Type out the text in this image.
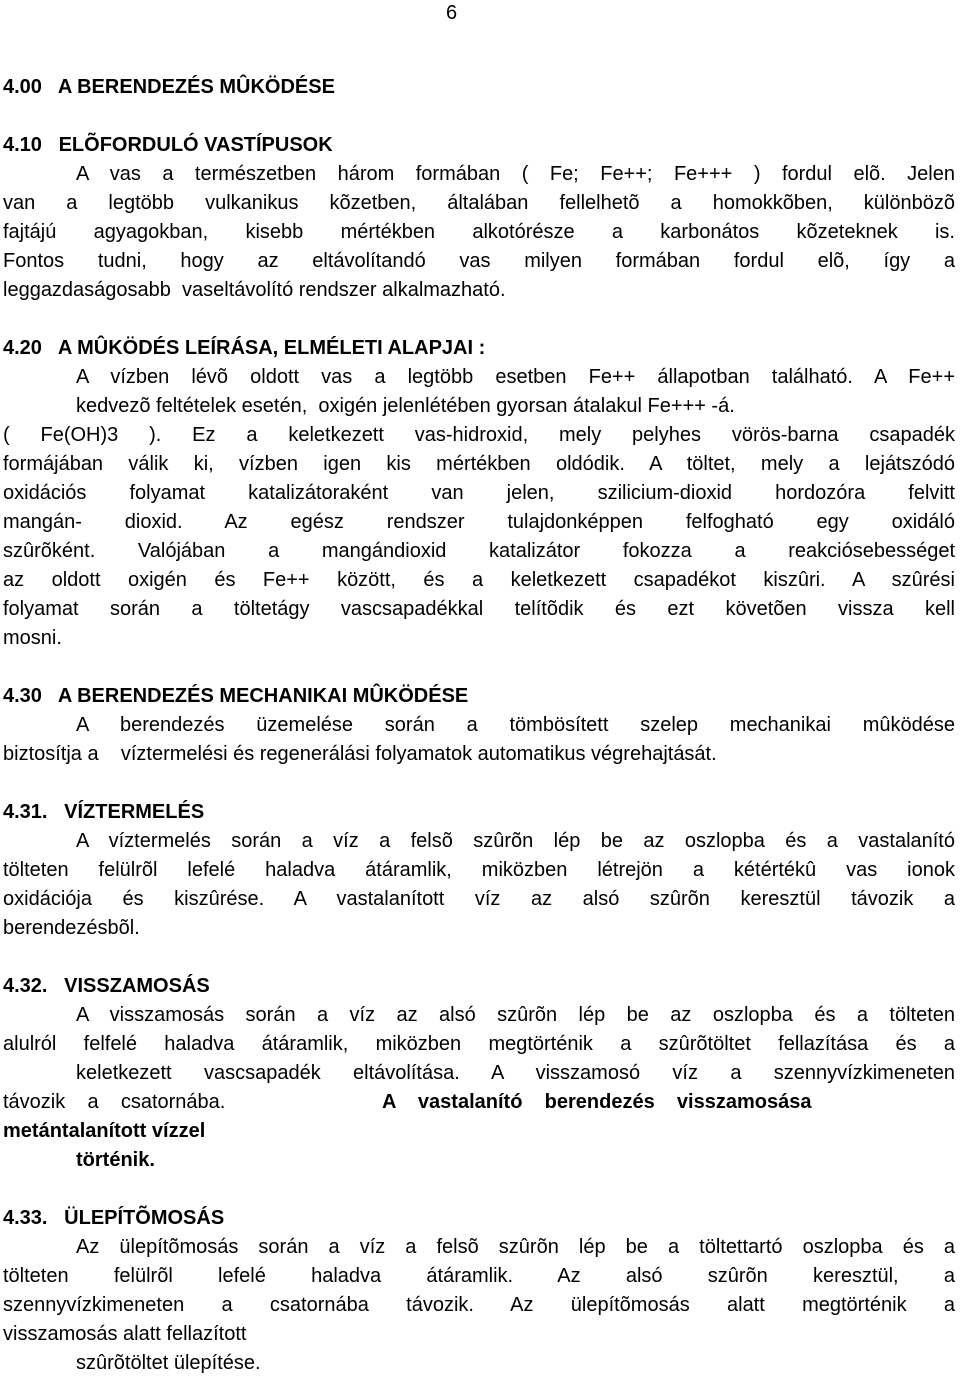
6
4.00   A BERENDEZÉS MÛKÖDÉSE
4.10   ELÕFORDULÓ VASTÍPUSOK
A vas a természetben három formában ( Fe; Fe++; Fe+++ ) fordul elõ. Jelen
van a legtöbb vulkanikus kõzetben, általában fellelhetõ a homokkõben, különbözõ
fajtájú agyagokban, kisebb mértékben alkotórésze a karbonátos kõzeteknek is.
Fontos tudni, hogy az eltávolítandó vas milyen formában fordul elõ, így a
leggazdaságosabb  vaseltávolító rendszer alkalmazható.
4.20   A MÛKÖDÉS LEÍRÁSA, ELMÉLETI ALAPJAI :
A vízben lévõ oldott vas a legtöbb esetben Fe++ állapotban található. A Fe++
kedvezõ feltételek esetén,  oxigén jelenlétében gyorsan átalakul Fe+++ -á.
( Fe(OH)3 ). Ez a keletkezett vas-hidroxid, mely pelyhes vörös-barna csapadék
formájában válik ki, vízben igen kis mértékben oldódik. A töltet, mely a lejátszódó
oxidációs folyamat katalizátoraként van jelen, szilicium-dioxid hordozóra felvitt
mangán- dioxid. Az egész rendszer tulajdonképpen felfogható egy oxidáló
szûrõként. Valójában a mangándioxid katalizátor fokozza a reakciósebességet
az oldott oxigén és Fe++ között, és a keletkezett csapadékot kiszûri. A szûrési
folyamat során a töltetágy vascsapadékkal telítõdik és ezt követõen vissza kell
mosni.
4.30   A BERENDEZÉS MECHANIKAI MÛKÖDÉSE
A berendezés üzemelése során a tömbösített szelep mechanikai mûködése
biztosítja a    víztermelési és regenerálási folyamatok automatikus végrehajtását.
4.31.   VÍZTERMELÉS
A víztermelés során a víz a felsõ szûrõn lép be az oszlopba és a vastalanító
tölteten felülrõl lefelé haladva átáramlik, miközben létrejön a kétértékû vas ionok
oxidációja és kiszûrése. A vastalanított víz az alsó szûrõn keresztül távozik a
berendezésbõl.
4.32.   VISSZAMOSÁS
A visszamosás során a víz az alsó szûrõn lép be az oszlopba és a tölteten
alulról felfelé haladva átáramlik, miközben megtörténik a szûrõtöltet fellazítása és a
keletkezett vascsapadék eltávolítása. A visszamosó víz a szennyvízkimeneten
távozik    a    csatornába.	A    vastalanító    berendezés    visszamosása
metántalanított vízzel
történik.
4.33.   ÜLEPÍTÕMOSÁS
Az ülepítõmosás során a víz a felsõ szûrõn lép be a töltettartó oszlopba és a
tölteten felülrõl lefelé haladva átáramlik. Az alsó szûrõn keresztül, a
szennyvízkimeneten a csatornába távozik. Az ülepítõmosás alatt megtörténik a
visszamosás alatt fellazított
szûrõtöltet ülepítése.
